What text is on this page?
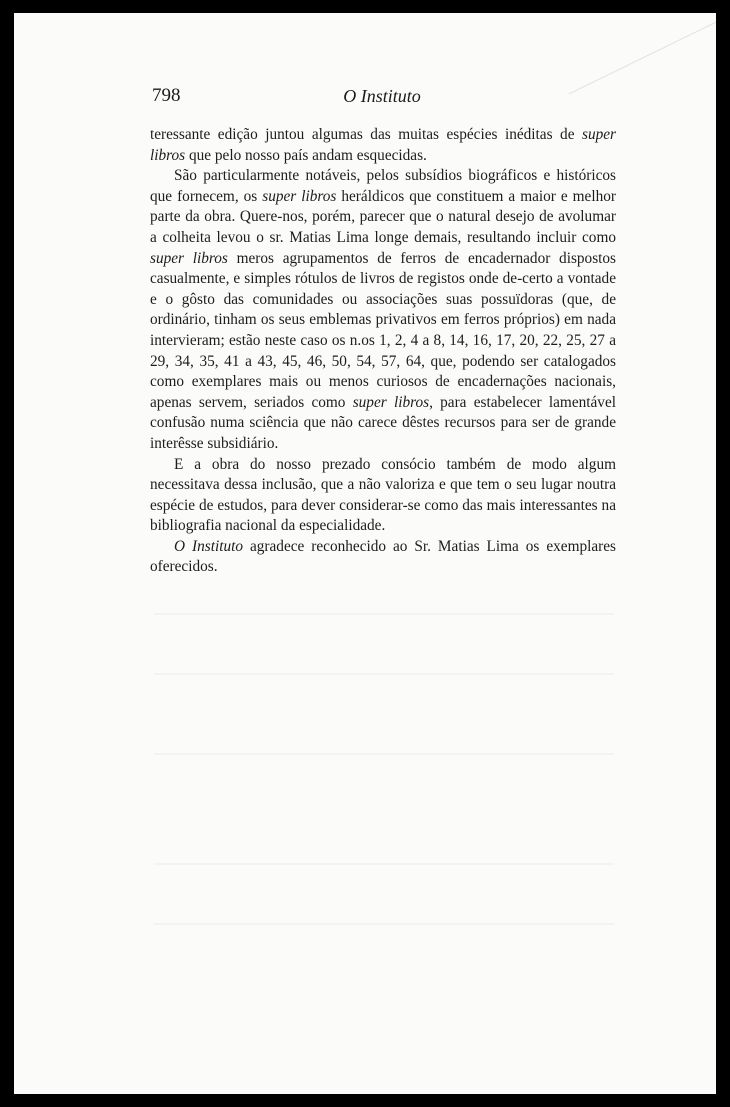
798	O Instituto

teressante edição juntou algumas das muitas espécies inéditas de super libros que pelo nosso país andam esquecidas.

São particularmente notáveis, pelos subsídios biográficos e históricos que fornecem, os super libros heráldicos que constituem a maior e melhor parte da obra. Quere-nos, porém, parecer que o natural desejo de avolumar a colheita levou o sr. Matias Lima longe demais, resultando incluir como super libros meros agrupamentos de ferros de encadernador dispostos casualmente, e simples rótulos de livros de registos onde de-certo a vontade e o gôsto das comunidades ou associações suas possuïdoras (que, de ordinário, tinham os seus emblemas privativos em ferros próprios) em nada intervieram; estão neste caso os n.os 1, 2, 4 a 8, 14, 16, 17, 20, 22, 25, 27 a 29, 34, 35, 41 a 43, 45, 46, 50, 54, 57, 64, que, podendo ser catalogados como exemplares mais ou menos curiosos de encadernações nacionais, apenas servem, seriados como super libros, para estabelecer lamentável confusão numa sciência que não carece dêstes recursos para ser de grande interêsse subsidiário.

E a obra do nosso prezado consócio também de modo algum necessitava dessa inclusão, que a não valoriza e que tem o seu lugar noutra espécie de estudos, para dever considerar-se como das mais interessantes na bibliografia nacional da especialidade.

O Instituto agradece reconhecido ao Sr. Matias Lima os exemplares oferecidos.
